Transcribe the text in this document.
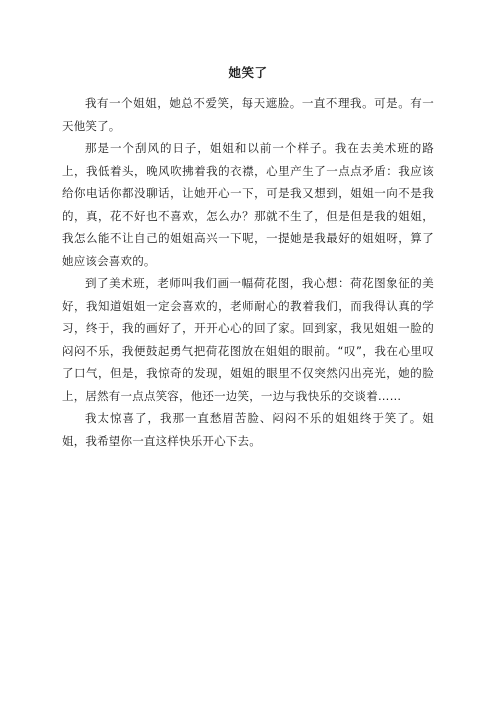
她笑了

我有一个姐姐，她总不爱笑，每天遮脸。一直不理我。可是。有一天他笑了。

那是一个刮风的日子，姐姐和以前一个样子。我在去美术班的路上，我低着头，晚风吹拂着我的衣襟，心里产生了一点点矛盾：我应该给你电话你都没聊话，让她开心一下，可是我又想到，姐姐一向不是我的，真，花不好也不喜欢，怎么办？那就不生了，但是但是我的姐姐，我怎么能不让自己的姐姐高兴一下呢，一提她是我最好的姐姐呀，算了她应该会喜欢的。

到了美术班，老师叫我们画一幅荷花图，我心想：荷花图象征的美好，我知道姐姐一定会喜欢的，老师耐心的教着我们，而我得认真的学习，终于，我的画好了，开开心心的回了家。回到家，我见姐姐一脸的闷闷不乐，我便鼓起勇气把荷花图放在姐姐的眼前。“叹”，我在心里叹了口气，但是，我惊奇的发现，姐姐的眼里不仅突然闪出亮光，她的脸上，居然有一点点笑容，他还一边笑，一边与我快乐的交谈着……

我太惊喜了，我那一直愁眉苦脸、闷闷不乐的姐姐终于笑了。姐姐，我希望你一直这样快乐开心下去。
